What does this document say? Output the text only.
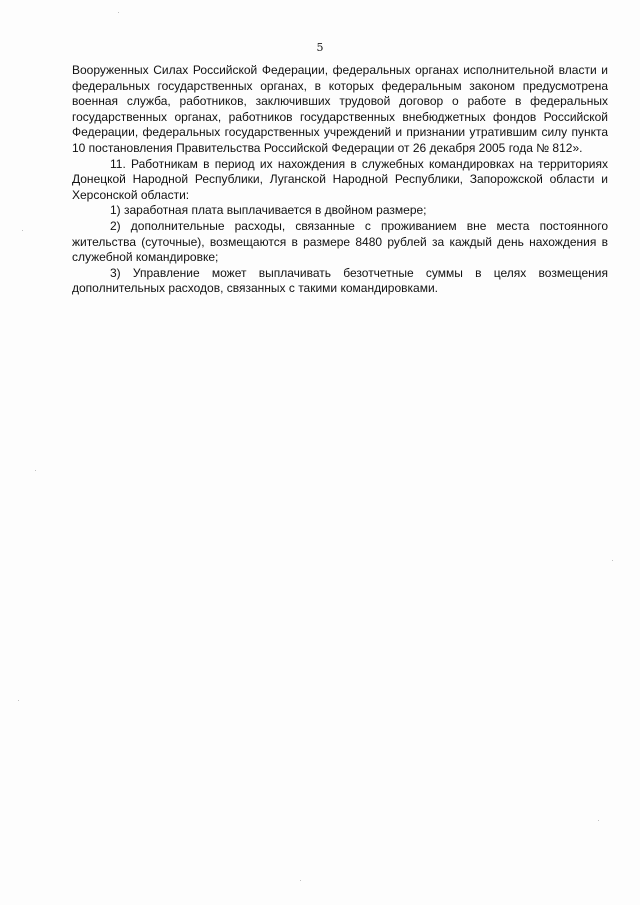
5

Вооруженных Силах Российской Федерации, федеральных органах исполнительной власти и федеральных государственных органах, в которых федеральным законом предусмотрена военная служба, работников, заключивших трудовой договор о работе в федеральных государственных органах, работников государственных внебюджетных фондов Российской Федерации, федеральных государственных учреждений и признании утратившим силу пункта 10 постановления Правительства Российской Федерации от 26 декабря 2005 года № 812».

11. Работникам в период их нахождения в служебных командировках на территориях Донецкой Народной Республики, Луганской Народной Республики, Запорожской области и Херсонской области:

1) заработная плата выплачивается в двойном размере;

2) дополнительные расходы, связанные с проживанием вне места постоянного жительства (суточные), возмещаются в размере 8480 рублей за каждый день нахождения в служебной командировке;

3) Управление может выплачивать безотчетные суммы в целях возмещения дополнительных расходов, связанных с такими командировками.
